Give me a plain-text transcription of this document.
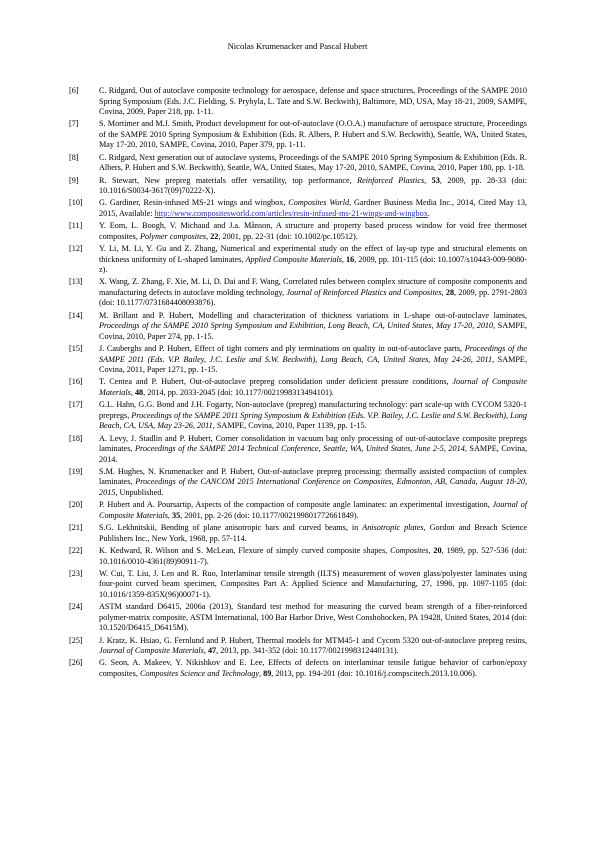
Nicolas Krumenacker and Pascal Hubert
[6]	C. Ridgard, Out of autoclave composite technology for aerospace, defense and space structures, Proceedings of the SAMPE 2010 Spring Symposium (Eds. J.C. Fielding, S. Prybyla, L. Tate and S.W. Beckwith), Baltimore, MD, USA, May 18-21, 2009, SAMPE, Covina, 2009, Paper 218, pp. 1-11.
[7]	S. Mortimer and M.J. Smith, Product development for out-of-autoclave (O.O.A.) manufacture of aerospace structure, Proceedings of the SAMPE 2010 Spring Symposium & Exhibition (Eds. R. Albers, P. Hubert and S.W. Beckwith), Seattle, WA, United States, May 17-20, 2010, SAMPE, Covina, 2010, Paper 379, pp. 1-11.
[8]	C. Ridgard, Next generation out of autoclave systems, Proceedings of the SAMPE 2010 Spring Symposium & Exhibition (Eds. R. Albers, P. Hubert and S.W. Beckwith), Seattle, WA, United States, May 17-20, 2010, SAMPE, Covina, 2010, Paper 180, pp. 1-18.
[9]	R. Stewart, New prepreg materials offer versatility, top performance, Reinforced Plastics, 53, 2009, pp. 28-33 (doi: 10.1016/S0034-3617(09)70222-X).
[10]	G. Gardiner, Resin-infused MS-21 wings and wingbox, Composites World, Gardner Business Media Inc., 2014, Cited May 13, 2015, Available: http://www.compositesworld.com/articles/resin-infused-ms-21-wings-and-wingbox.
[11]	Y. Eom, L. Boogh, V. Michaud and J.a. Månson, A structure and property based process window for void free thermoset composites, Polymer composites, 22, 2001, pp. 22-31 (doi: 10.1002/pc.10512).
[12]	Y. Li, M. Li, Y. Gu and Z. Zhang, Numerical and experimental study on the effect of lay-up type and structural elements on thickness uniformity of L-shaped laminates, Applied Composite Materials, 16, 2009, pp. 101-115 (doi: 10.1007/s10443-009-9080-z).
[13]	X. Wang, Z. Zhang, F. Xie, M. Li, D. Dai and F. Wang, Correlated rules between complex structure of composite components and manufacturing defects in autoclave molding technology, Journal of Reinforced Plastics and Composites, 28, 2009, pp. 2791-2803 (doi: 10.1177/0731684408093876).
[14]	M. Brillant and P. Hubert, Modelling and characterization of thickness variations in L-shape out-of-autoclave laminates, Proceedings of the SAMPE 2010 Spring Symposium and Exhibition, Long Beach, CA, United States, May 17-20, 2010, SAMPE, Covina, 2010, Paper 274, pp. 1-15.
[15]	J. Cauberghs and P. Hubert, Effect of tight corners and ply terminations on quality in out-of-autoclave parts, Proceedings of the SAMPE 2011 (Eds. V.P. Bailey, J.C. Leslie and S.W. Beckwith), Long Beach, CA, United States, May 24-26, 2011, SAMPE, Covina, 2011, Paper 1271, pp. 1-15.
[16]	T. Centea and P. Hubert, Out-of-autoclave prepreg consolidation under deficient pressure conditions, Journal of Composite Materials, 48, 2014, pp. 2033-2045 (doi: 10.1177/0021998313494101).
[17]	G.L. Hahn, G.G. Bond and J.H. Fogarty, Non-autoclave (prepreg) manufacturing technology: part scale-up with CYCOM 5320-1 prepregs, Proceedings of the SAMPE 2011 Spring Symposium & Exhibition (Eds. V.P. Bailey, J.C. Leslie and S.W. Beckwith), Long Beach, CA, USA, May 23-26, 2011, SAMPE, Covina, 2010, Paper 1139, pp. 1-15.
[18]	A. Levy, J. Stadlin and P. Hubert, Corner consolidation in vacuum bag only processing of out-of-autoclave composite prepregs laminates, Proceedings of the SAMPE 2014 Technical Conference, Seattle, WA, United States, June 2-5, 2014, SAMPE, Covina, 2014.
[19]	S.M. Hughes, N. Krumenacker and P. Hubert, Out-of-autoclave prepreg processing: thermally assisted compaction of complex laminates, Proceedings of the CANCOM 2015 International Conference on Composites, Edmonton, AB, Canada, August 18-20, 2015, Unpublished.
[20]	P. Hubert and A. Poursartip, Aspects of the compaction of composite angle laminates: an experimental investigation, Journal of Composite Materials, 35, 2001, pp. 2-26 (doi: 10.1177/002199801772661849).
[21]	S.G. Lekhnitskii, Bending of plane anisotropic bars and curved beams, in Anisotropic plates, Gordon and Breach Science Publishers Inc., New York, 1968, pp. 57-114.
[22]	K. Kedward, R. Wilson and S. McLean, Flexure of simply curved composite shapes, Composites, 20, 1989, pp. 527-536 (doi: 10.1016/0010-4361(89)90911-7).
[23]	W. Cui, T. Liu, J. Len and R. Ruo, Interlaminar tensile strength (ILTS) measurement of woven glass/polyester laminates using four-point curved beam specimen, Composites Part A: Applied Science and Manufacturing, 27, 1996, pp. 1097-1105 (doi: 10.1016/1359-835X(96)00071-1).
[24]	ASTM standard D6415, 2006a (2013), Standard test method for measuring the curved beam strength of a fiber-reinforced polymer-matrix composite, ASTM International, 100 Bar Harbor Drive, West Conshohocken, PA 19428, United States, 2014 (doi: 10.1520/D6415_D6415M).
[25]	J. Kratz, K. Hsiao, G. Fernlund and P. Hubert, Thermal models for MTM45-1 and Cycom 5320 out-of-autoclave prepreg resins, Journal of Composite Materials, 47, 2013, pp. 341-352 (doi: 10.1177/0021998312440131).
[26]	G. Seon, A. Makeev, Y. Nikishkov and E. Lee, Effects of defects on interlaminar tensile fatigue behavior of carbon/epoxy composites, Composites Science and Technology, 89, 2013, pp. 194-201 (doi: 10.1016/j.compscitech.2013.10.006).
